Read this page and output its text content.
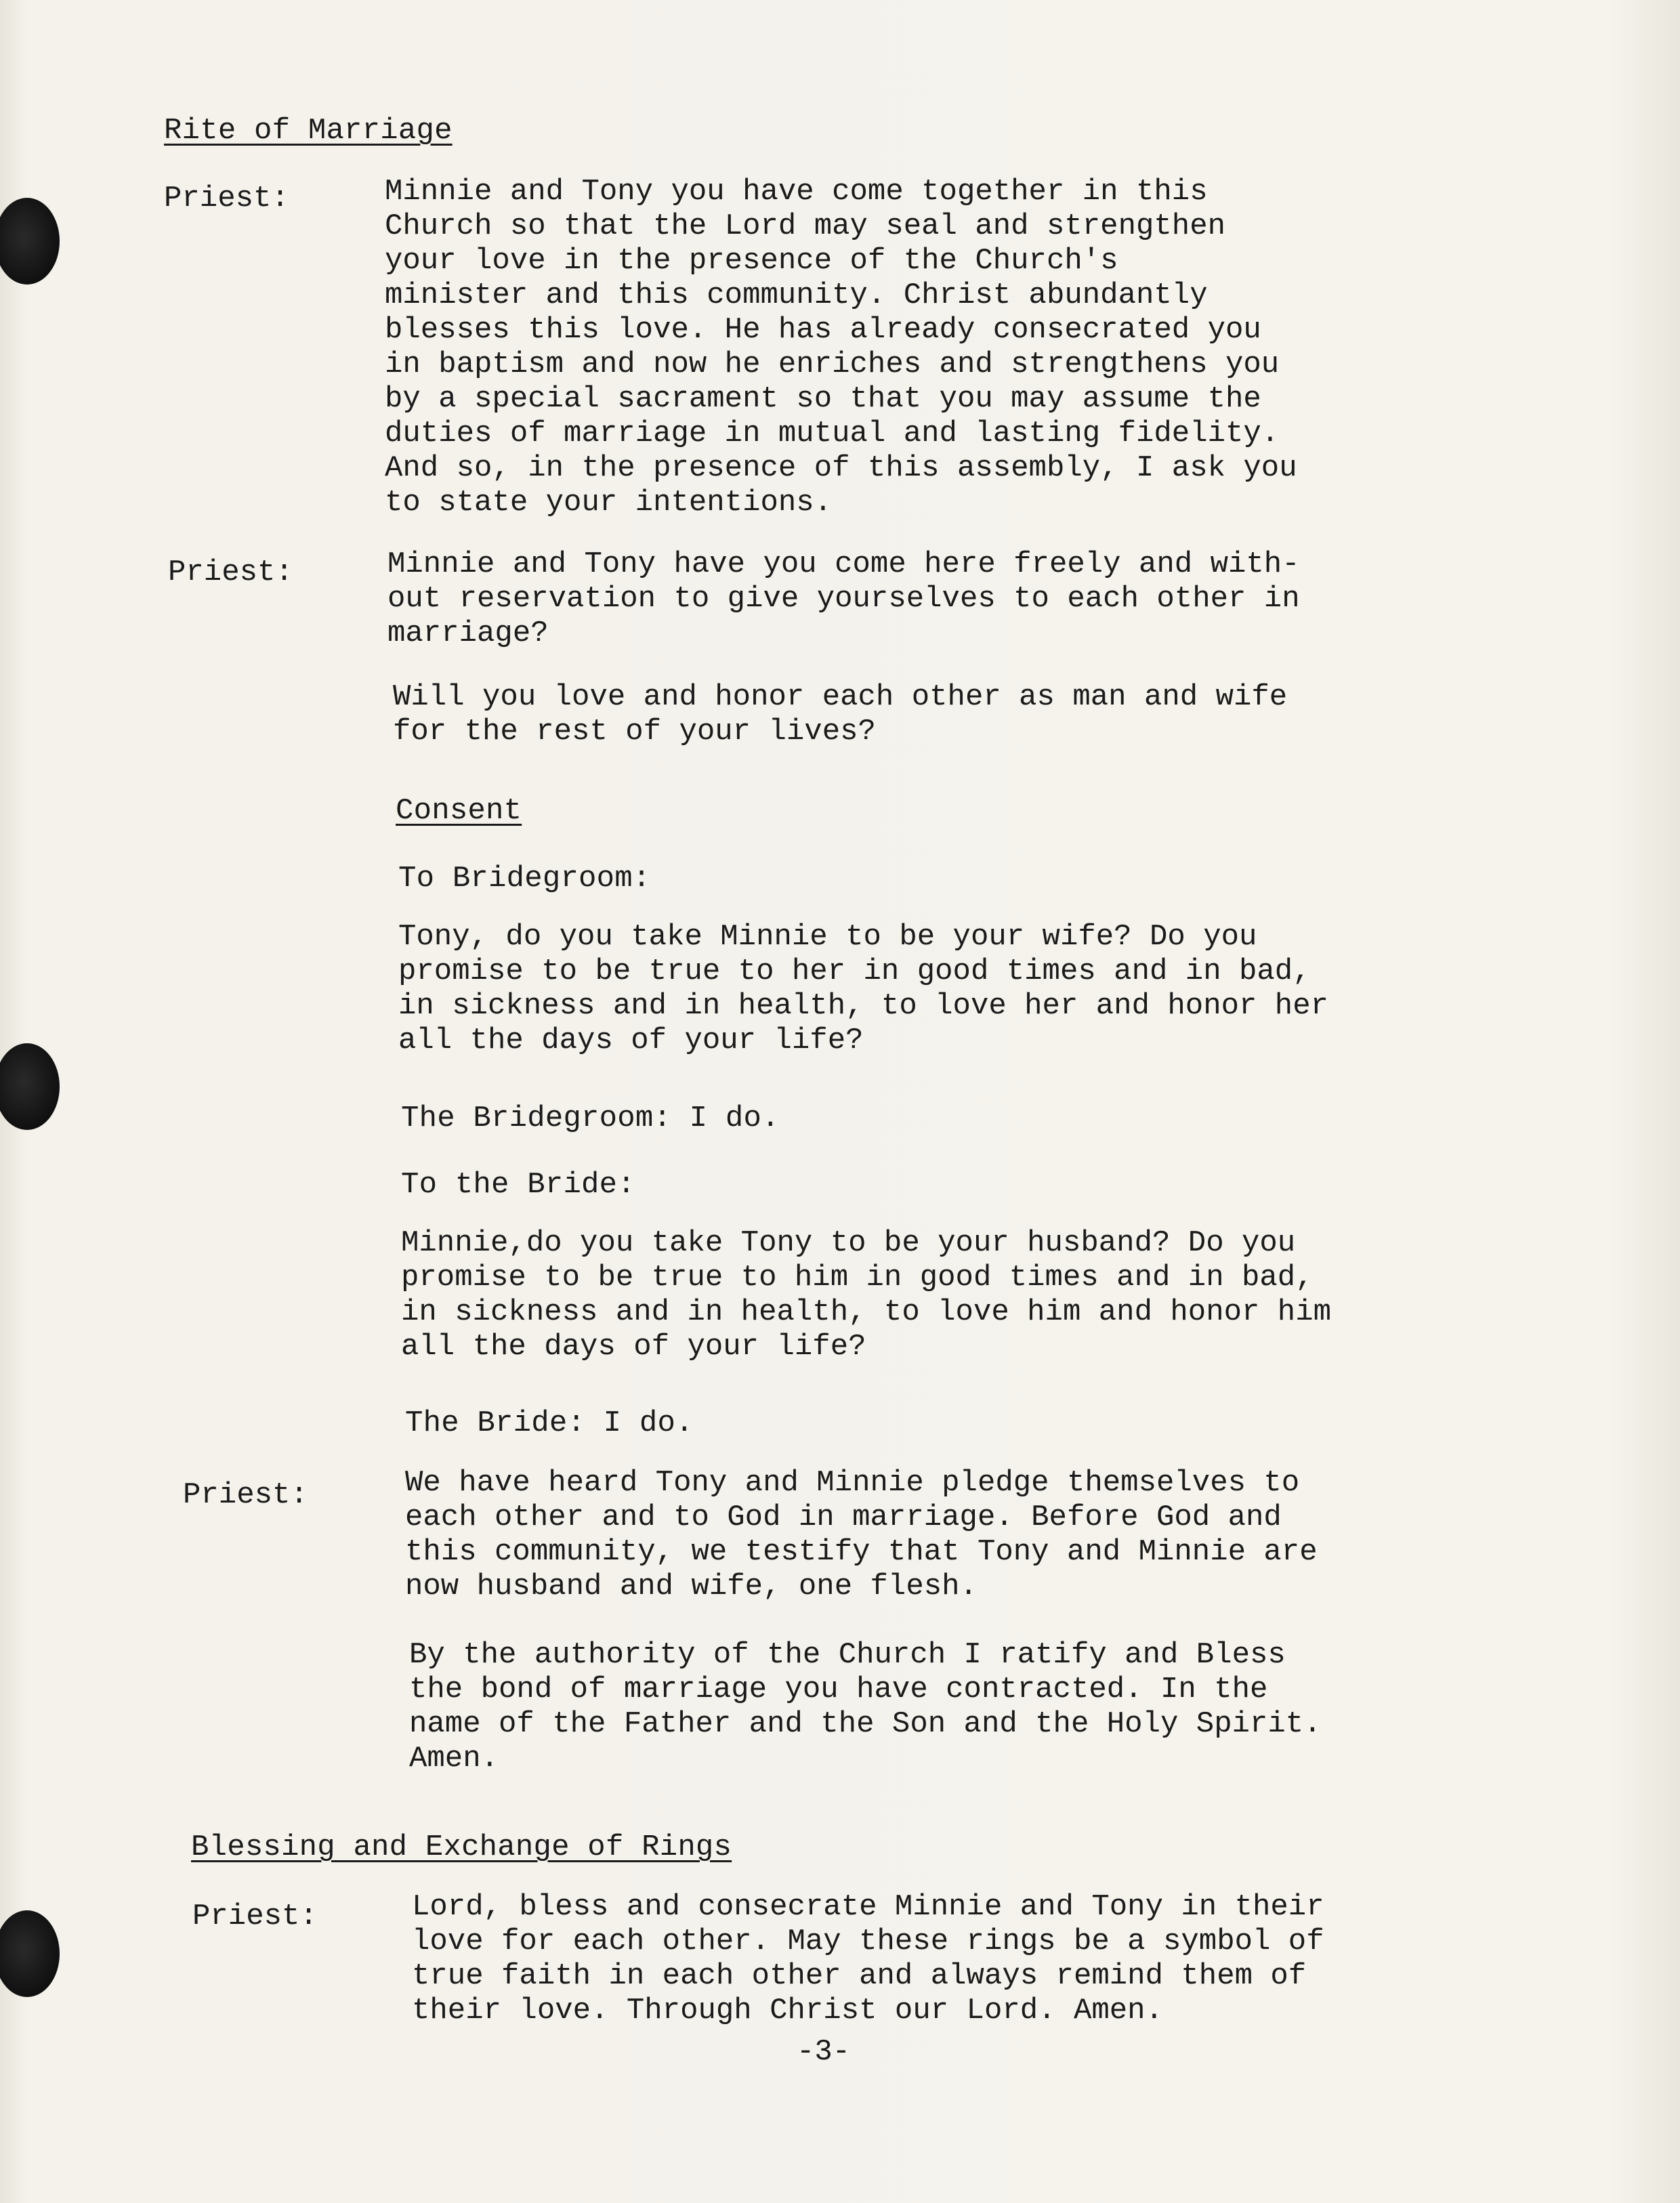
Rite of Marriage
Priest:	Minnie and Tony you have come together in this
Church so that the Lord may seal and strengthen
your love in the presence of the Church's
minister and this community. Christ abundantly
blesses this love. He has already consecrated you
in baptism and now he enriches and strengthens you
by a special sacrament so that you may assume the
duties of marriage in mutual and lasting fidelity.
And so, in the presence of this assembly, I ask you
to state your intentions.
Priest:	Minnie and Tony have you come here freely and with-
out reservation to give yourselves to each other in
marriage?
Will you love and honor each other as man and wife
for the rest of your lives?
Consent
To Bridegroom:
Tony, do you take Minnie to be your wife? Do you
promise to be true to her in good times and in bad,
in sickness and in health, to love her and honor her
all the days of your life?
The Bridegroom: I do.
To the Bride:
Minnie,do you take Tony to be your husband? Do you
promise to be true to him in good times and in bad,
in sickness and in health, to love him and honor him
all the days of your life?
The Bride: I do.
Priest:	We have heard Tony and Minnie pledge themselves to
each other and to God in marriage. Before God and
this community, we testify that Tony and Minnie are
now husband and wife, one flesh.
By the authority of the Church I ratify and Bless
the bond of marriage you have contracted. In the
name of the Father and the Son and the Holy Spirit.
Amen.
Blessing and Exchange of Rings
Priest:	Lord, bless and consecrate Minnie and Tony in their
love for each other. May these rings be a symbol of
true faith in each other and always remind them of
their love. Through Christ our Lord. Amen.
-3-
